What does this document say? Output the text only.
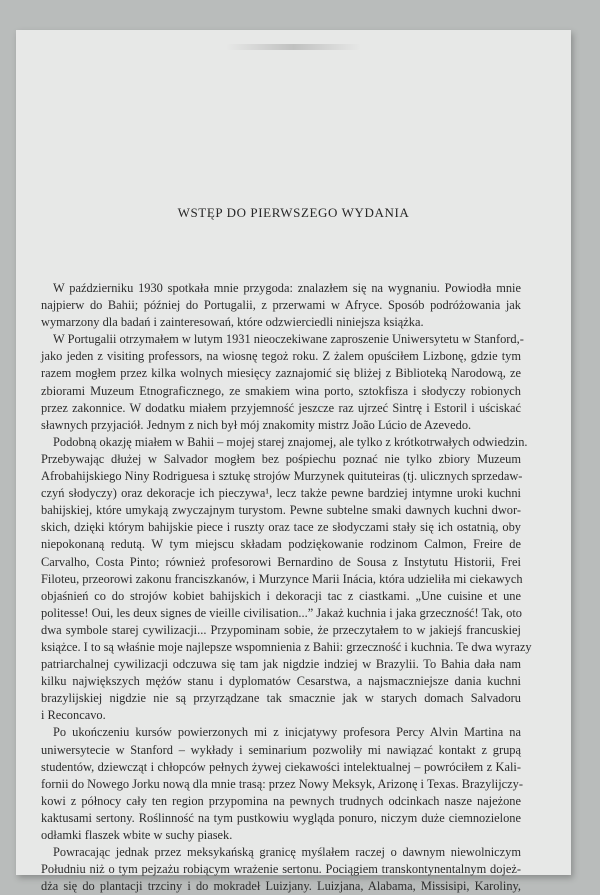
WSTĘP DO PIERWSZEGO WYDANIA
W październiku 1930 spotkała mnie przygoda: znalazłem się na wygnaniu. Powiodła mnie
najpierw do Bahii; później do Portugalii, z przerwami w Afryce. Sposób podróżowania jak
wymarzony dla badań i zainteresowań, które odzwierciedli niniejsza książka.
W Portugalii otrzymałem w lutym 1931 nieoczekiwane zaproszenie Uniwersytetu w Stanford,-
jako jeden z visiting professors, na wiosnę tegoż roku. Z żalem opuściłem Lizbonę, gdzie tym
razem mogłem przez kilka wolnych miesięcy zaznajomić się bliżej z Biblioteką Narodową, ze
zbiorami Muzeum Etnograficznego, ze smakiem wina porto, sztokfisza i słodyczy robionych
przez zakonnice. W dodatku miałem przyjemność jeszcze raz ujrzeć Sintrę i Estoril i uściskać
sławnych przyjaciół. Jednym z nich był mój znakomity mistrz João Lúcio de Azevedo.
Podobną okazję miałem w Bahii – mojej starej znajomej, ale tylko z krótkotrwałych odwiedzin.
Przebywając dłużej w Salvador mogłem bez pośpiechu poznać nie tylko zbiory Muzeum
Afrobahijskiego Niny Rodriguesa i sztukę strojów Murzynek quituteiras (tj. ulicznych sprzedaw-
czyń słodyczy) oraz dekoracje ich pieczywa¹, lecz także pewne bardziej intymne uroki kuchni
bahijskiej, które umykają zwyczajnym turystom. Pewne subtelne smaki dawnych kuchni dwor-
skich, dzięki którym bahijskie piece i ruszty oraz tace ze słodyczami stały się ich ostatnią, oby
niepokonaną redutą. W tym miejscu składam podziękowanie rodzinom Calmon, Freire de
Carvalho, Costa Pinto; również profesorowi Bernardino de Sousa z Instytutu Historii, Frei
Filoteu, przeorowi zakonu franciszkanów, i Murzynce Marii Inácia, która udzieliła mi ciekawych
objaśnień co do strojów kobiet bahijskich i dekoracji tac z ciastkami. „Une cuisine et une
politesse! Oui, les deux signes de vieille civilisation...” Jakaż kuchnia i jaka grzeczność! Tak, oto
dwa symbole starej cywilizacji... Przypominam sobie, że przeczytałem to w jakiejś francuskiej
książce. I to są właśnie moje najlepsze wspomnienia z Bahii: grzeczność i kuchnia. Te dwa wyrazy
patriarchalnej cywilizacji odczuwa się tam jak nigdzie indziej w Brazylii. To Bahia dała nam
kilku największych mężów stanu i dyplomatów Cesarstwa, a najsmaczniejsze dania kuchni
brazylijskiej nigdzie nie są przyrządzane tak smacznie jak w starych domach Salvadoru
i Reconcavo.
Po ukończeniu kursów powierzonych mi z inicjatywy profesora Percy Alvin Martina na
uniwersytecie w Stanford – wykłady i seminarium pozwoliły mi nawiązać kontakt z grupą
studentów, dziewcząt i chłopców pełnych żywej ciekawości intelektualnej – powróciłem z Kali-
fornii do Nowego Jorku nową dla mnie trasą: przez Nowy Meksyk, Arizonę i Texas. Brazylijczy-
kowi z północy cały ten region przypomina na pewnych trudnych odcinkach nasze najeżone
kaktusami sertony. Roślinność na tym pustkowiu wygląda ponuro, niczym duże ciemnozielone
odłamki flaszek wbite w suchy piasek.
Powracając jednak przez meksykańską granicę myślałem raczej o dawnym niewolniczym
Południu niż o tym pejzażu robiącym wrażenie sertonu. Pociągiem transkontynentalnym dojeż-
dża się do plantacji trzciny i do mokradeł Luizjany. Luizjana, Alabama, Missisipi, Karoliny,
